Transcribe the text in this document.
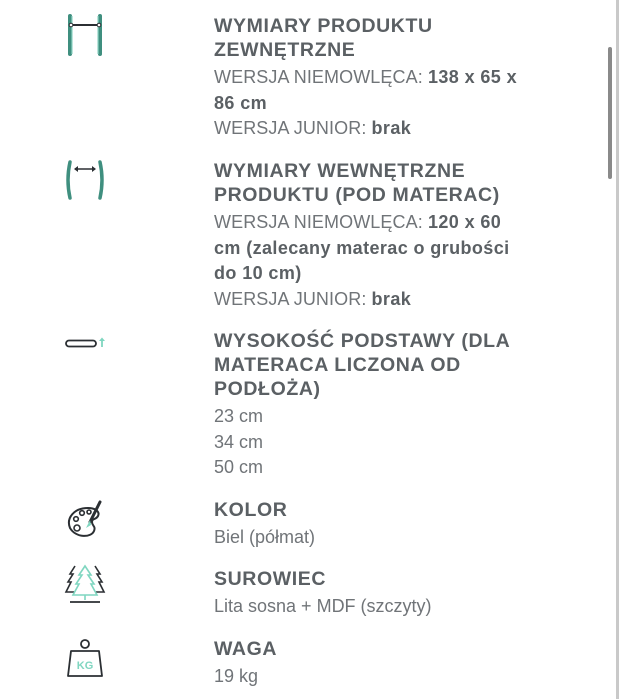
WYMIARY PRODUKTU
ZEWNĘTRZNE

WERSJA NIEMOWLĘCA: 138 x 65 x
86 cm

WERSJA JUNIOR: brak

WYMIARY WEWNĘTRZNE
PRODUKTU (POD MATERAC)

WERSJA NIEMOWLĘCA: 120 x 60
cm (zalecany materac o grubości
do 10 cm)

WERSJA JUNIOR: brak

WYSOKOŚĆ PODSTAWY (DLA
MATERACA LICZONA OD
PODŁOŻA)

23 cm
34 cm
50 cm

KOLOR

Biel (półmat)

SUROWIEC

Lita sosna + MDF (szczyty)

KG

WAGA

19 kg
